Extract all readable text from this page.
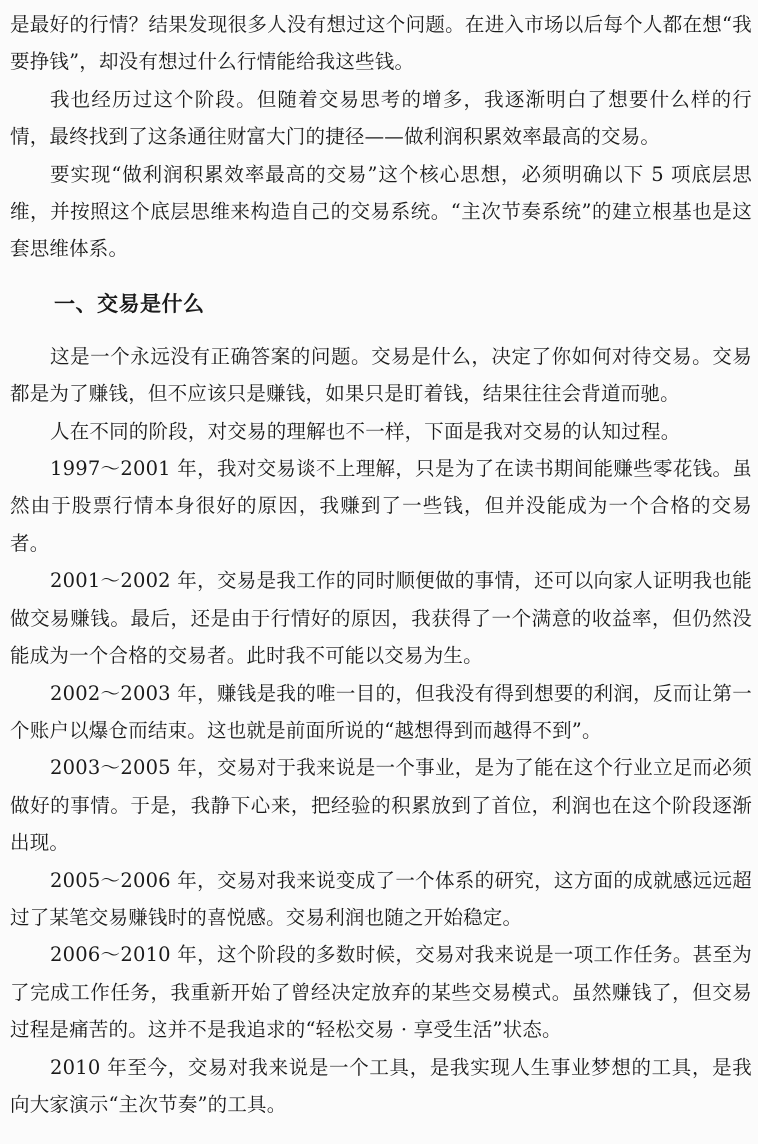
是最好的行情？结果发现很多人没有想过这个问题。在进入市场以后每个人都在想“我要挣钱”，却没有想过什么行情能给我这些钱。

我也经历过这个阶段。但随着交易思考的增多，我逐渐明白了想要什么样的行情，最终找到了这条通往财富大门的捷径——做利润积累效率最高的交易。

要实现“做利润积累效率最高的交易”这个核心思想，必须明确以下 5 项底层思维，并按照这个底层思维来构造自己的交易系统。“主次节奏系统”的建立根基也是这套思维体系。

一、交易是什么

这是一个永远没有正确答案的问题。交易是什么，决定了你如何对待交易。交易都是为了赚钱，但不应该只是赚钱，如果只是盯着钱，结果往往会背道而驰。

人在不同的阶段，对交易的理解也不一样，下面是我对交易的认知过程。

1997～2001 年，我对交易谈不上理解，只是为了在读书期间能赚些零花钱。虽然由于股票行情本身很好的原因，我赚到了一些钱，但并没能成为一个合格的交易者。

2001～2002 年，交易是我工作的同时顺便做的事情，还可以向家人证明我也能做交易赚钱。最后，还是由于行情好的原因，我获得了一个满意的收益率，但仍然没能成为一个合格的交易者。此时我不可能以交易为生。

2002～2003 年，赚钱是我的唯一目的，但我没有得到想要的利润，反而让第一个账户以爆仓而结束。这也就是前面所说的“越想得到而越得不到”。

2003～2005 年，交易对于我来说是一个事业，是为了能在这个行业立足而必须做好的事情。于是，我静下心来，把经验的积累放到了首位，利润也在这个阶段逐渐出现。

2005～2006 年，交易对我来说变成了一个体系的研究，这方面的成就感远远超过了某笔交易赚钱时的喜悦感。交易利润也随之开始稳定。

2006～2010 年，这个阶段的多数时候，交易对我来说是一项工作任务。甚至为了完成工作任务，我重新开始了曾经决定放弃的某些交易模式。虽然赚钱了，但交易过程是痛苦的。这并不是我追求的“轻松交易 · 享受生活”状态。

2010 年至今，交易对我来说是一个工具，是我实现人生事业梦想的工具，是我向大家演示“主次节奏”的工具。
